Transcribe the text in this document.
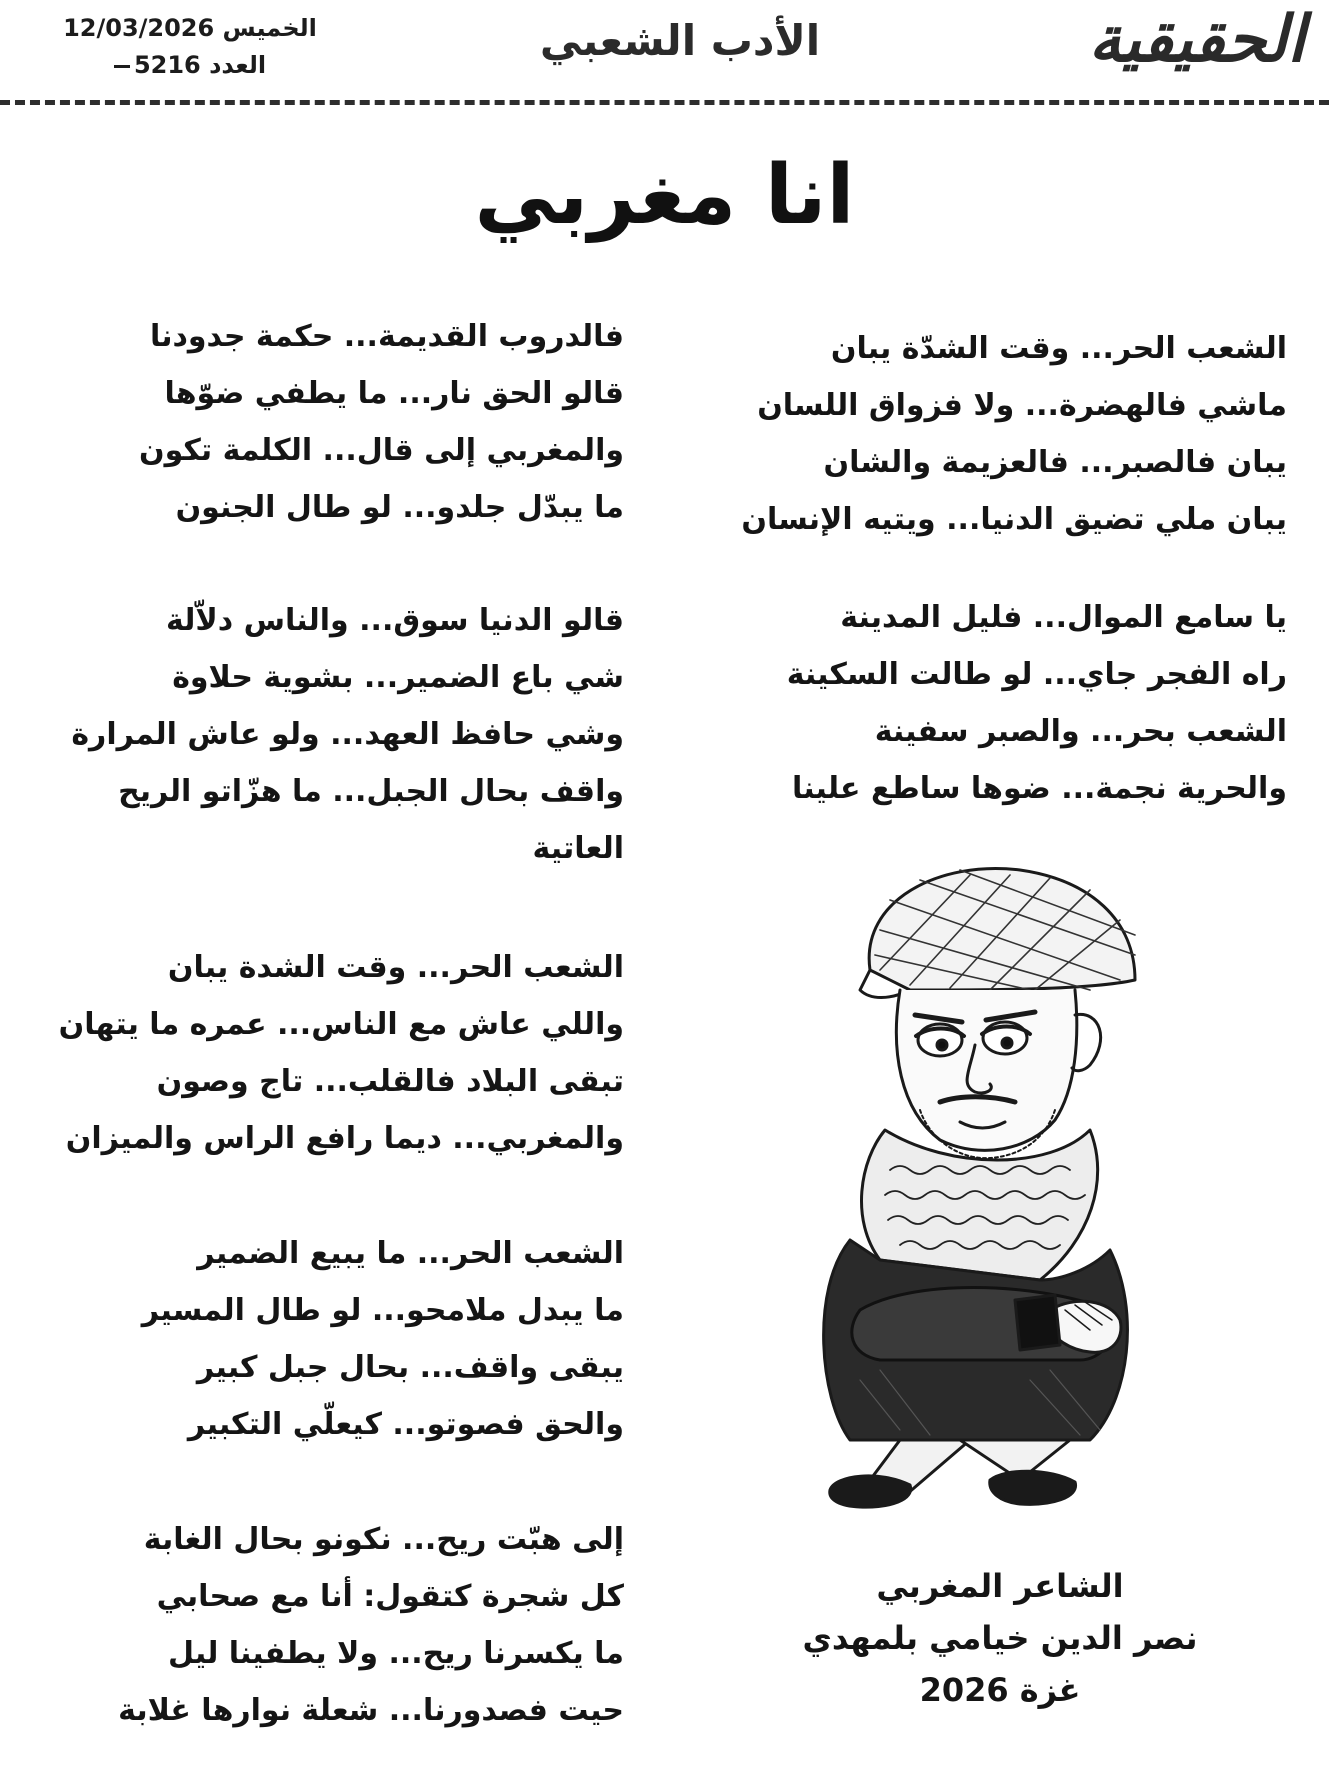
الحقيقية
الأدب الشعبي
الخميس 12/03/2026
العدد 5216
انا مغربي
الشعب الحر... وقت الشدّة يبان
ماشي فالهضرة... ولا فزواق اللسان
يبان فالصبر... فالعزيمة والشان
يبان ملي تضيق الدنيا... ويتيه الإنسان
يا سامع الموال... فليل المدينة
راه الفجر جاي... لو طالت السكينة
الشعب بحر... والصبر سفينة
والحرية نجمة... ضوها ساطع علينا
فالدروب القديمة... حكمة جدودنا
قالو الحق نار... ما يطفي ضوّها
والمغربي إلى قال... الكلمة تكون
ما يبدّل جلدو... لو طال الجنون
قالو الدنيا سوق... والناس دلاّلة
شي باع الضمير... بشوية حلاوة
وشي حافظ العهد... ولو عاش المرارة
واقف بحال الجبل... ما هزّاتو الريح
العاتية
الشعب الحر... وقت الشدة يبان
واللي عاش مع الناس... عمره ما يتهان
تبقى البلاد فالقلب... تاج وصون
والمغربي... ديما رافع الراس والميزان
الشعب الحر... ما يبيع الضمير
ما يبدل ملامحو... لو طال المسير
يبقى واقف... بحال جبل كبير
والحق فصوتو... كيعلّي التكبير
إلى هبّت ريح... نكونو بحال الغابة
كل شجرة كتقول: أنا مع صحابي
ما يكسرنا ريح... ولا يطفينا ليل
حيت فصدورنا... شعلة نوارها غلابة
الشاعر المغربي
نصر الدين خيامي بلمهدي
غزة 2026
